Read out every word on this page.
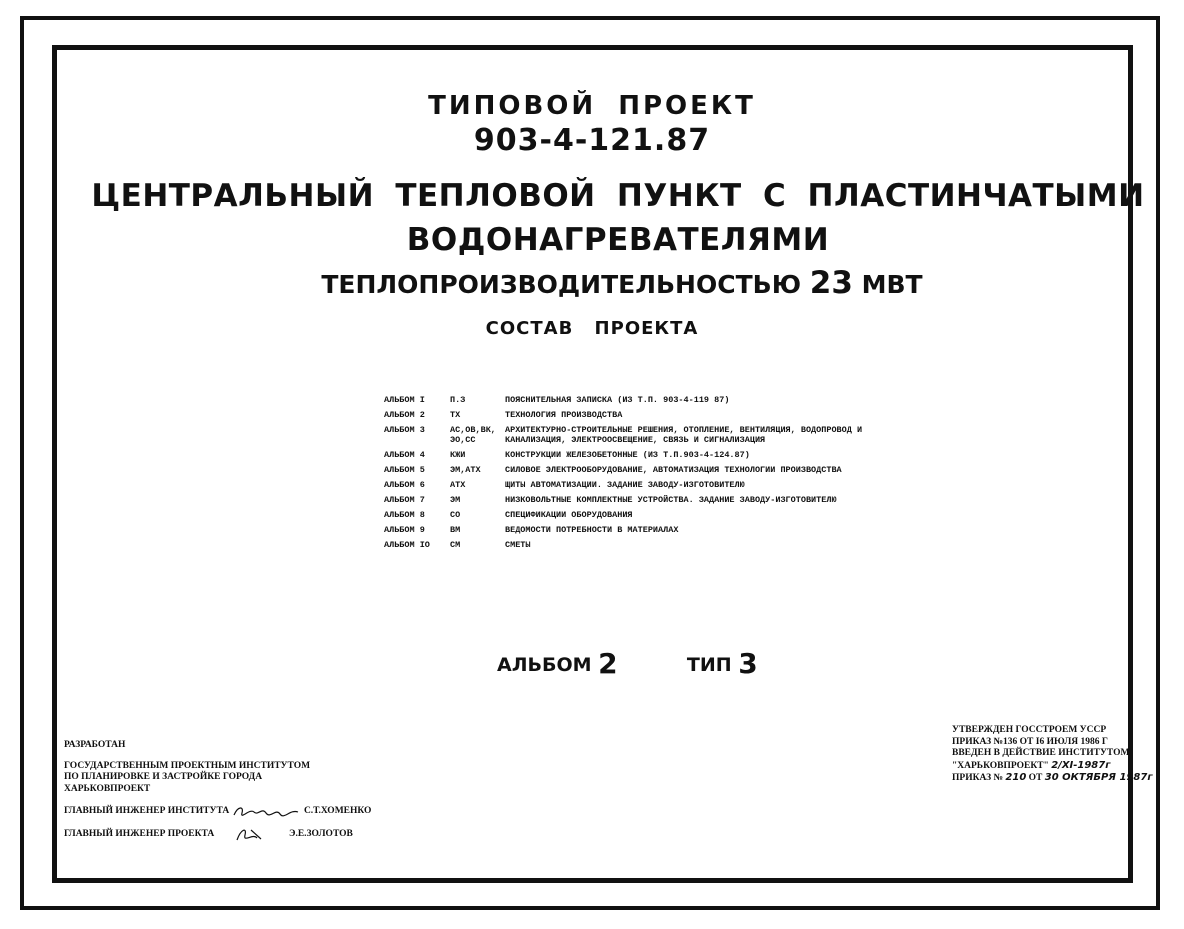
ТИПОВОЙ ПРОЕКТ
903-4-121.87
ЦЕНТРАЛЬНЫЙ ТЕПЛОВОЙ ПУНКТ С ПЛАСТИНЧАТЫМИ
ВОДОНАГРЕВАТЕЛЯМИ
ТЕПЛОПРОИЗВОДИТЕЛЬНОСТЬЮ 23 МВТ
СОСТАВ ПРОЕКТА
АЛЬБОМ I	П.З	ПОЯСНИТЕЛЬНАЯ ЗАПИСКА (ИЗ Т.П. 903-4-119 87)
АЛЬБОМ 2	ТХ	ТЕХНОЛОГИЯ ПРОИЗВОДСТВА
АЛЬБОМ 3	АС,ОВ,ВК, ЭО,СС	АРХИТЕКТУРНО-СТРОИТЕЛЬНЫЕ РЕШЕНИЯ, ОТОПЛЕНИЕ, ВЕНТИЛЯЦИЯ, ВОДОПРОВОД И КАНАЛИЗАЦИЯ, ЭЛЕКТРООСВЕЩЕНИЕ, СВЯЗЬ И СИГНАЛИЗАЦИЯ
АЛЬБОМ 4	КЖИ	КОНСТРУКЦИИ ЖЕЛЕЗОБЕТОННЫЕ (ИЗ Т.П.903-4-124.87)
АЛЬБОМ 5	ЭМ,АТХ	СИЛОВОЕ ЭЛЕКТРООБОРУДОВАНИЕ, АВТОМАТИЗАЦИЯ ТЕХНОЛОГИИ ПРОИЗВОДСТВА
АЛЬБОМ 6	АТХ	ЩИТЫ АВТОМАТИЗАЦИИ. ЗАДАНИЕ ЗАВОДУ-ИЗГОТОВИТЕЛЮ
АЛЬБОМ 7	ЭМ	НИЗКОВОЛЬТНЫЕ КОМПЛЕКТНЫЕ УСТРОЙСТВА. ЗАДАНИЕ ЗАВОДУ-ИЗГОТОВИТЕЛЮ
АЛЬБОМ 8	СО	СПЕЦИФИКАЦИИ ОБОРУДОВАНИЯ
АЛЬБОМ 9	ВМ	ВЕДОМОСТИ ПОТРЕБНОСТИ В МАТЕРИАЛАХ
АЛЬБОМ IO	СМ	СМЕТЫ
АЛЬБОМ 2	ТИП 3
РАЗРАБОТАН
ГОСУДАРСТВЕННЫМ ПРОЕКТНЫМ ИНСТИТУТОМ
ПО ПЛАНИРОВКЕ И ЗАСТРОЙКЕ ГОРОДА
ХАРЬКОВПРОЕКТ
ГЛАВНЫЙ ИНЖЕНЕР ИНСТИТУТА	С.Т.ХОМЕНКО
ГЛАВНЫЙ ИНЖЕНЕР ПРОЕКТА	Э.Е.ЗОЛОТОВ
УТВЕРЖДЕН ГОССТРОЕМ УССР
ПРИКАЗ №136 ОТ I6 ИЮЛЯ 1986 Г
ВВЕДЕН В ДЕЙСТВИЕ ИНСТИТУТОМ
"ХАРЬКОВПРОЕКТ" 2/XI-1987г
ПРИКАЗ № 210 ОТ 30 ОКТЯБРЯ 1987г
